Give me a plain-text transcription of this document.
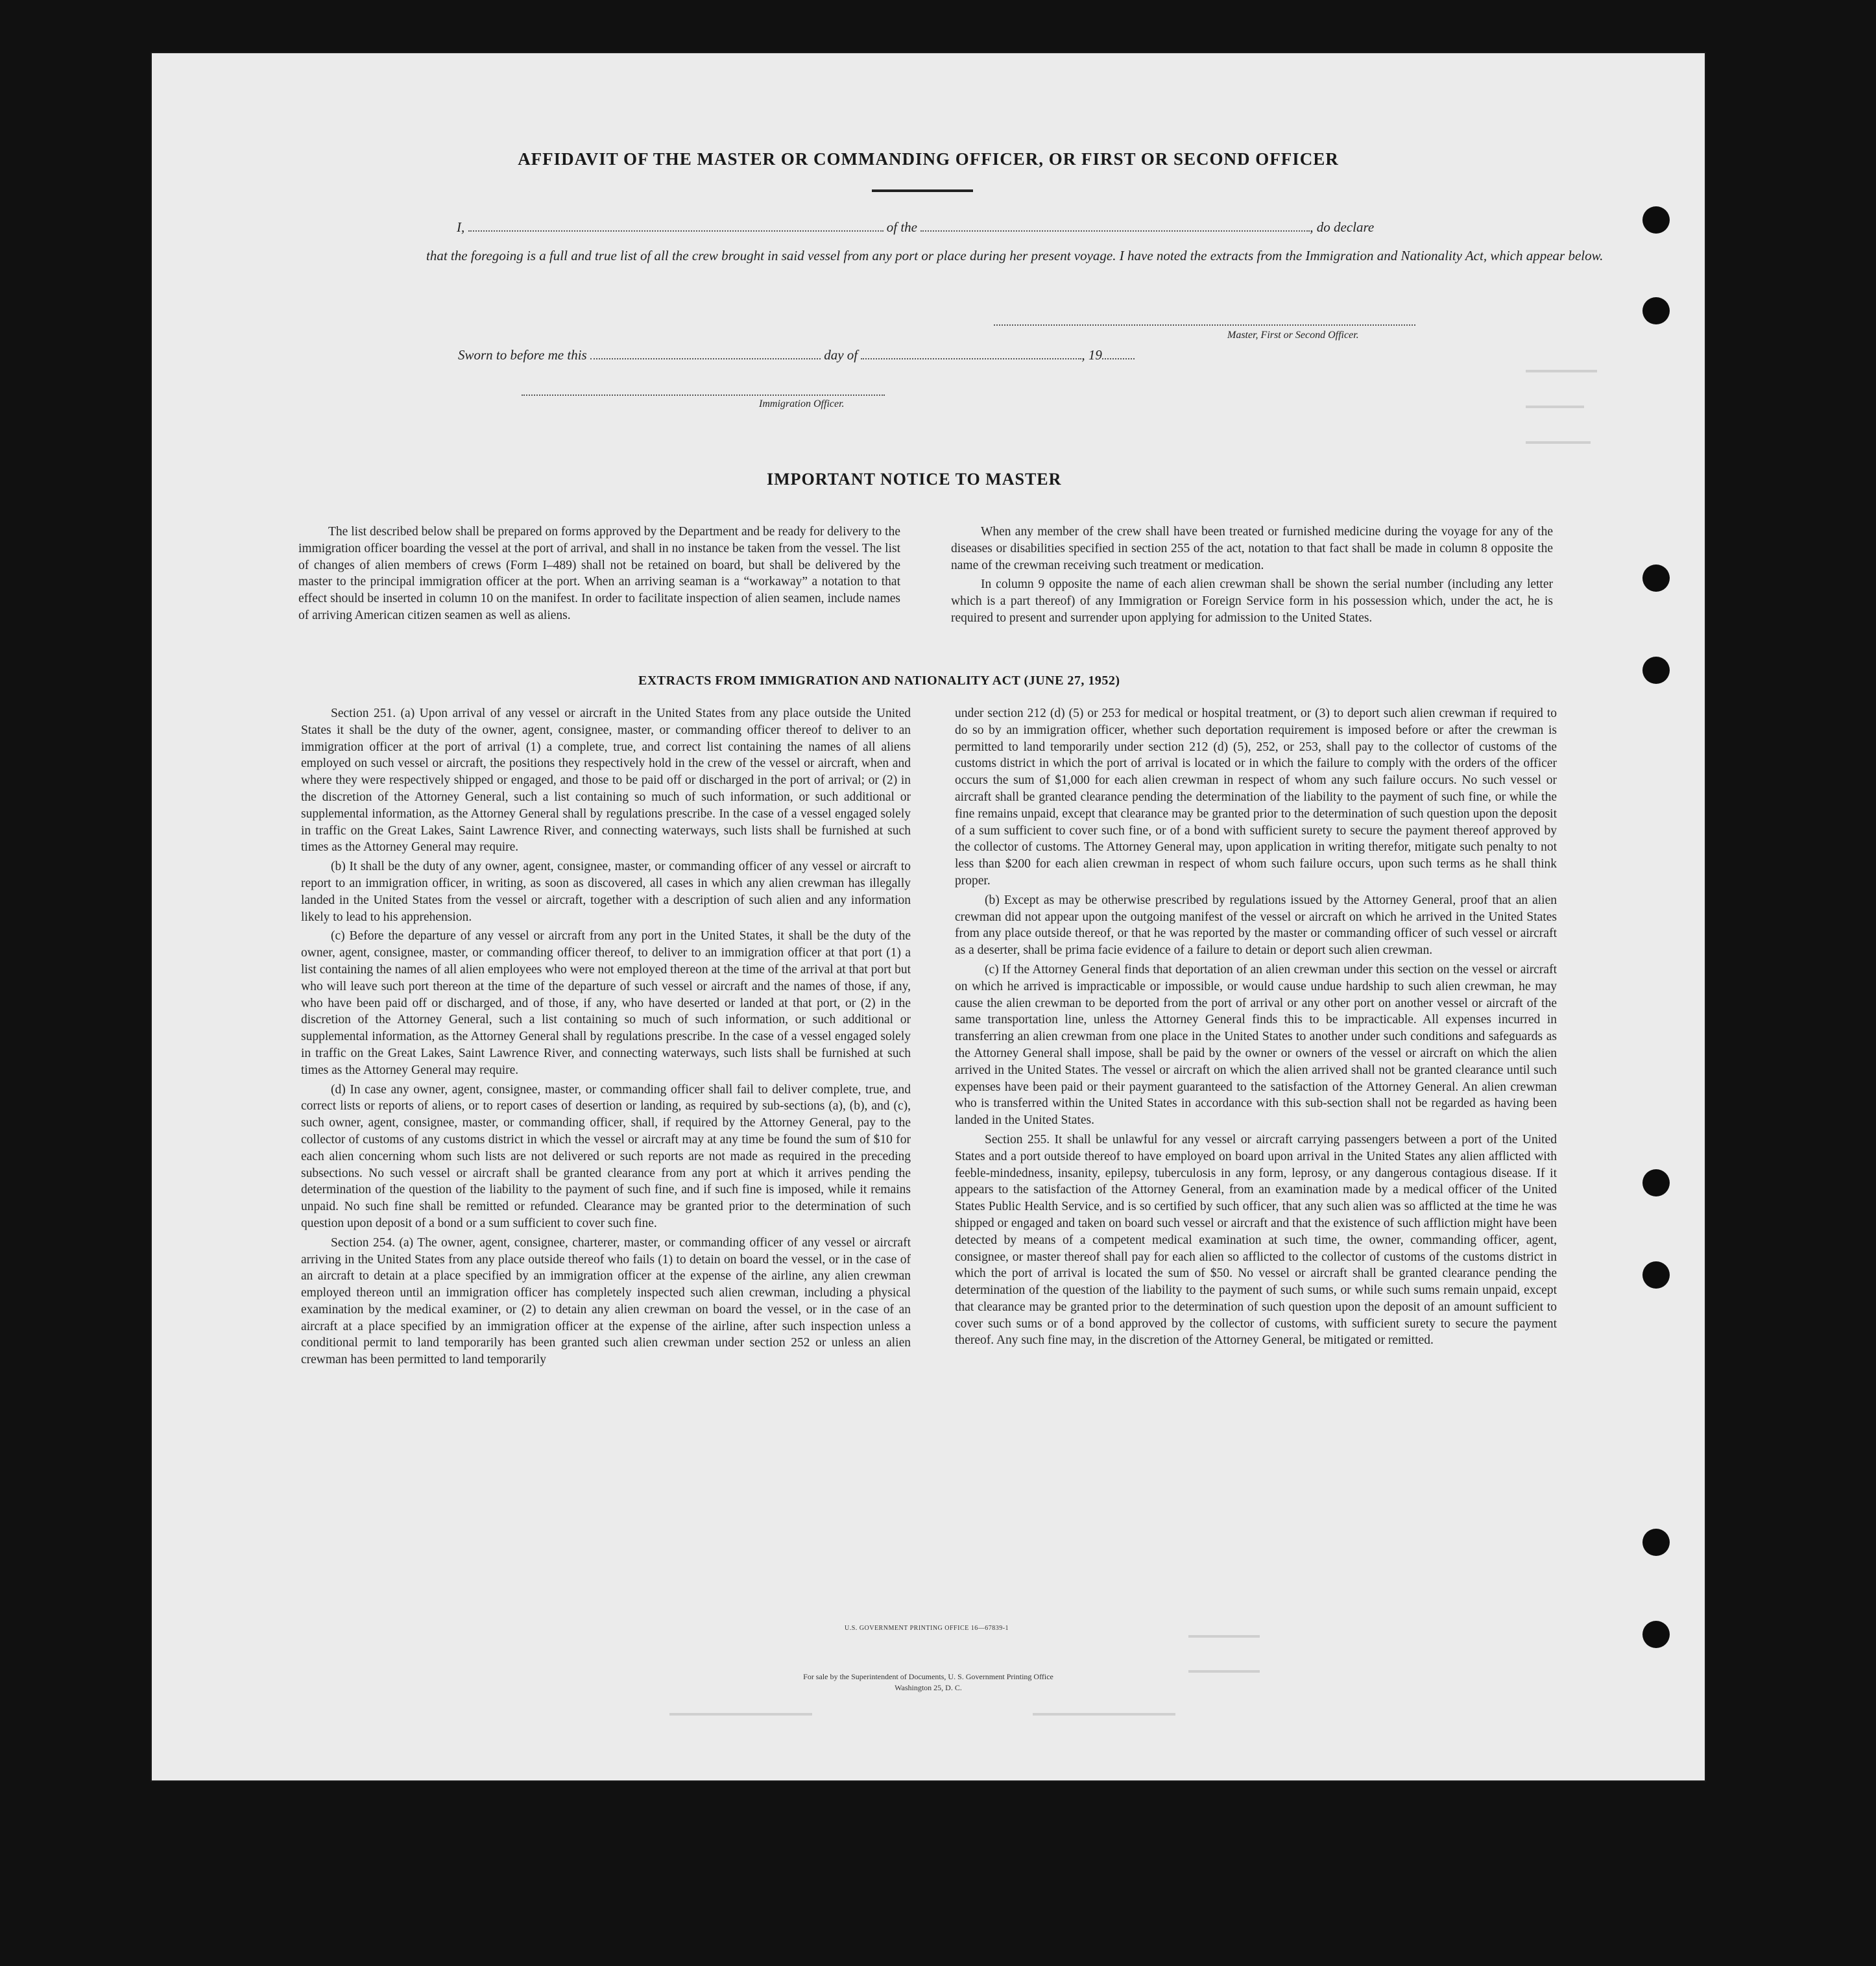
AFFIDAVIT OF THE MASTER OR COMMANDING OFFICER, OR FIRST OR SECOND OFFICER
I,	of the	, do declare
that the foregoing is a full and true list of all the crew brought in said vessel from any port or place during her present voyage. I have noted the extracts from the Immigration and Nationality Act, which appear below.
Master, First or Second Officer.
Sworn to before me this	day of	, 19
Immigration Officer.
IMPORTANT NOTICE TO MASTER

The list described below shall be prepared on forms approved by the Department and be ready for delivery to the immigration officer boarding the vessel at the port of arrival, and shall in no instance be taken from the vessel. The list of changes of alien members of crews (Form I–489) shall not be retained on board, but shall be delivered by the master to the principal immigration officer at the port. When an arriving seaman is a “workaway” a notation to that effect should be inserted in column 10 on the manifest. In order to facilitate inspection of alien seamen, include names of arriving American citizen seamen as well as aliens.

When any member of the crew shall have been treated or furnished medicine during the voyage for any of the diseases or disabilities specified in section 255 of the act, notation to that fact shall be made in column 8 opposite the name of the crewman receiving such treatment or medication.

In column 9 opposite the name of each alien crewman shall be shown the serial number (including any letter which is a part thereof) of any Immigration or Foreign Service form in his possession which, under the act, he is required to present and surrender upon applying for admission to the United States.

EXTRACTS FROM IMMIGRATION AND NATIONALITY ACT (JUNE 27, 1952)

Section 251. (a) Upon arrival of any vessel or aircraft in the United States from any place outside the United States it shall be the duty of the owner, agent, consignee, master, or commanding officer thereof to deliver to an immigration officer at the port of arrival (1) a complete, true, and correct list containing the names of all aliens employed on such vessel or aircraft, the positions they respectively hold in the crew of the vessel or aircraft, when and where they were respectively shipped or engaged, and those to be paid off or discharged in the port of arrival; or (2) in the discretion of the Attorney General, such a list containing so much of such information, or such additional or supplemental information, as the Attorney General shall by regulations prescribe. In the case of a vessel engaged solely in traffic on the Great Lakes, Saint Lawrence River, and connecting waterways, such lists shall be furnished at such times as the Attorney General may require.

(b) It shall be the duty of any owner, agent, consignee, master, or commanding officer of any vessel or aircraft to report to an immigration officer, in writing, as soon as discovered, all cases in which any alien crewman has illegally landed in the United States from the vessel or aircraft, together with a description of such alien and any information likely to lead to his apprehension.

(c) Before the departure of any vessel or aircraft from any port in the United States, it shall be the duty of the owner, agent, consignee, master, or commanding officer thereof, to deliver to an immigration officer at that port (1) a list containing the names of all alien employees who were not employed thereon at the time of the arrival at that port but who will leave such port thereon at the time of the departure of such vessel or aircraft and the names of those, if any, who have been paid off or discharged, and of those, if any, who have deserted or landed at that port, or (2) in the discretion of the Attorney General, such a list containing so much of such information, or such additional or supplemental information, as the Attorney General shall by regulations prescribe. In the case of a vessel engaged solely in traffic on the Great Lakes, Saint Lawrence River, and connecting waterways, such lists shall be furnished at such times as the Attorney General may require.

(d) In case any owner, agent, consignee, master, or commanding officer shall fail to deliver complete, true, and correct lists or reports of aliens, or to report cases of desertion or landing, as required by sub-sections (a), (b), and (c), such owner, agent, consignee, master, or commanding officer, shall, if required by the Attorney General, pay to the collector of customs of any customs district in which the vessel or aircraft may at any time be found the sum of $10 for each alien concerning whom such lists are not delivered or such reports are not made as required in the preceding subsections. No such vessel or aircraft shall be granted clearance from any port at which it arrives pending the determination of the question of the liability to the payment of such fine, and if such fine is imposed, while it remains unpaid. No such fine shall be remitted or refunded. Clearance may be granted prior to the determination of such question upon deposit of a bond or a sum sufficient to cover such fine.

Section 254. (a) The owner, agent, consignee, charterer, master, or commanding officer of any vessel or aircraft arriving in the United States from any place outside thereof who fails (1) to detain on board the vessel, or in the case of an aircraft to detain at a place specified by an immigration officer at the expense of the airline, any alien crewman employed thereon until an immigration officer has completely inspected such alien crewman, including a physical examination by the medical examiner, or (2) to detain any alien crewman on board the vessel, or in the case of an aircraft at a place specified by an immigration officer at the expense of the airline, after such inspection unless a conditional permit to land temporarily has been granted such alien crewman under section 252 or unless an alien crewman has been permitted to land temporarily

under section 212 (d) (5) or 253 for medical or hospital treatment, or (3) to deport such alien crewman if required to do so by an immigration officer, whether such deportation requirement is imposed before or after the crewman is permitted to land temporarily under section 212 (d) (5), 252, or 253, shall pay to the collector of customs of the customs district in which the port of arrival is located or in which the failure to comply with the orders of the officer occurs the sum of $1,000 for each alien crewman in respect of whom any such failure occurs. No such vessel or aircraft shall be granted clearance pending the determination of the liability to the payment of such fine, or while the fine remains unpaid, except that clearance may be granted prior to the determination of such question upon the deposit of a sum sufficient to cover such fine, or of a bond with sufficient surety to secure the payment thereof approved by the collector of customs. The Attorney General may, upon application in writing therefor, mitigate such penalty to not less than $200 for each alien crewman in respect of whom such failure occurs, upon such terms as he shall think proper.

(b) Except as may be otherwise prescribed by regulations issued by the Attorney General, proof that an alien crewman did not appear upon the outgoing manifest of the vessel or aircraft on which he arrived in the United States from any place outside thereof, or that he was reported by the master or commanding officer of such vessel or aircraft as a deserter, shall be prima facie evidence of a failure to detain or deport such alien crewman.

(c) If the Attorney General finds that deportation of an alien crewman under this section on the vessel or aircraft on which he arrived is impracticable or impossible, or would cause undue hardship to such alien crewman, he may cause the alien crewman to be deported from the port of arrival or any other port on another vessel or aircraft of the same transportation line, unless the Attorney General finds this to be impracticable. All expenses incurred in transferring an alien crewman from one place in the United States to another under such conditions and safeguards as the Attorney General shall impose, shall be paid by the owner or owners of the vessel or aircraft on which the alien arrived in the United States. The vessel or aircraft on which the alien arrived shall not be granted clearance until such expenses have been paid or their payment guaranteed to the satisfaction of the Attorney General. An alien crewman who is transferred within the United States in accordance with this sub-section shall not be regarded as having been landed in the United States.

Section 255. It shall be unlawful for any vessel or aircraft carrying passengers between a port of the United States and a port outside thereof to have employed on board upon arrival in the United States any alien afflicted with feeble-mindedness, insanity, epilepsy, tuberculosis in any form, leprosy, or any dangerous contagious disease. If it appears to the satisfaction of the Attorney General, from an examination made by a medical officer of the United States Public Health Service, and is so certified by such officer, that any such alien was so afflicted at the time he was shipped or engaged and taken on board such vessel or aircraft and that the existence of such affliction might have been detected by means of a competent medical examination at such time, the owner, commanding officer, agent, consignee, or master thereof shall pay for each alien so afflicted to the collector of customs of the customs district in which the port of arrival is located the sum of $50. No vessel or aircraft shall be granted clearance pending the determination of the question of the liability to the payment of such sums, or while such sums remain unpaid, except that clearance may be granted prior to the determination of such question upon the deposit of an amount sufficient to cover such sums or of a bond approved by the collector of customs, with sufficient surety to secure the payment thereof. Any such fine may, in the discretion of the Attorney General, be mitigated or remitted.

U.S. GOVERNMENT PRINTING OFFICE 16—67839-1
For sale by the Superintendent of Documents, U. S. Government Printing Office
Washington 25, D. C.
